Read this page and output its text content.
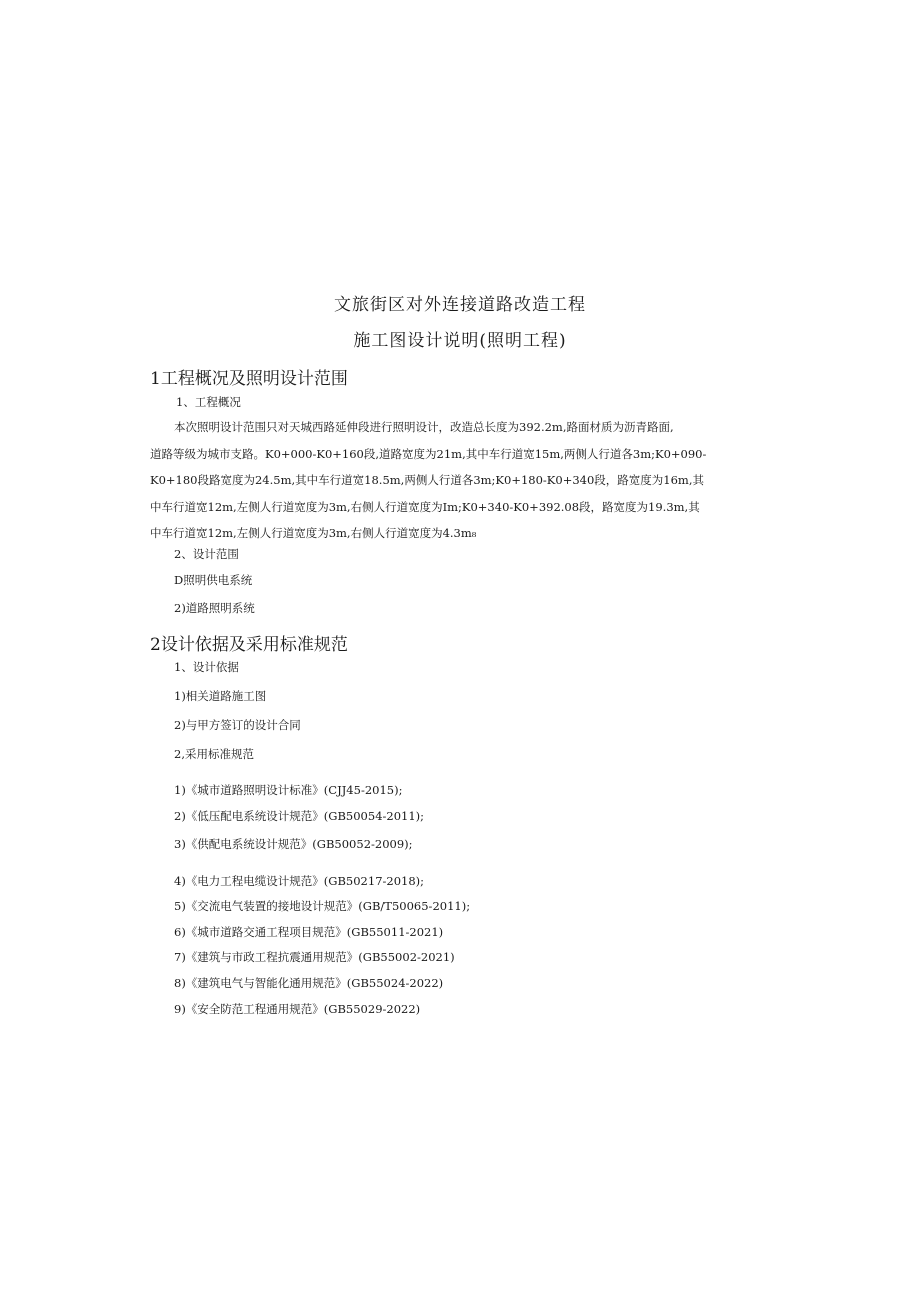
文旅街区对外连接道路改造工程
施工图设计说明(照明工程)
1工程概况及照明设计范围
1、工程概况
本次照明设计范围只对天城西路延伸段进行照明设计，改造总长度为392.2m,路面材质为沥青路面,
道路等级为城市支路。K0+000-K0+160段,道路宽度为21m,其中车行道宽15m,两侧人行道各3m;K0+090-
K0+180段路宽度为24.5m,其中车行道宽18.5m,两侧人行道各3m;K0+180-K0+340段，路宽度为16m,其
中车行道宽12m,左侧人行道宽度为3m,右侧人行道宽度为Im;K0+340-K0+392.08段，路宽度为19.3m,其
中车行道宽12m,左侧人行道宽度为3m,右侧人行道宽度为4.3m₈
2、设计范围
D照明供电系统
2)道路照明系统
2设计依据及采用标准规范
1、设计依据
1)相关道路施工图
2)与甲方签订的设计合同
2,采用标准规范
1)《城市道路照明设计标准》(CJJ45-2015);
2)《低压配电系统设计规范》(GB50054-2011);
3)《供配电系统设计规范》(GB50052-2009);
4)《电力工程电缆设计规范》(GB50217-2018);
5)《交流电气装置的接地设计规范》(GB/T50065-2011);
6)《城市道路交通工程项目规范》(GB55011-2021)
7)《建筑与市政工程抗震通用规范》(GB55002-2021)
8)《建筑电气与智能化通用规范》(GB55024-2022)
9)《安全防范工程通用规范》(GB55029-2022)
